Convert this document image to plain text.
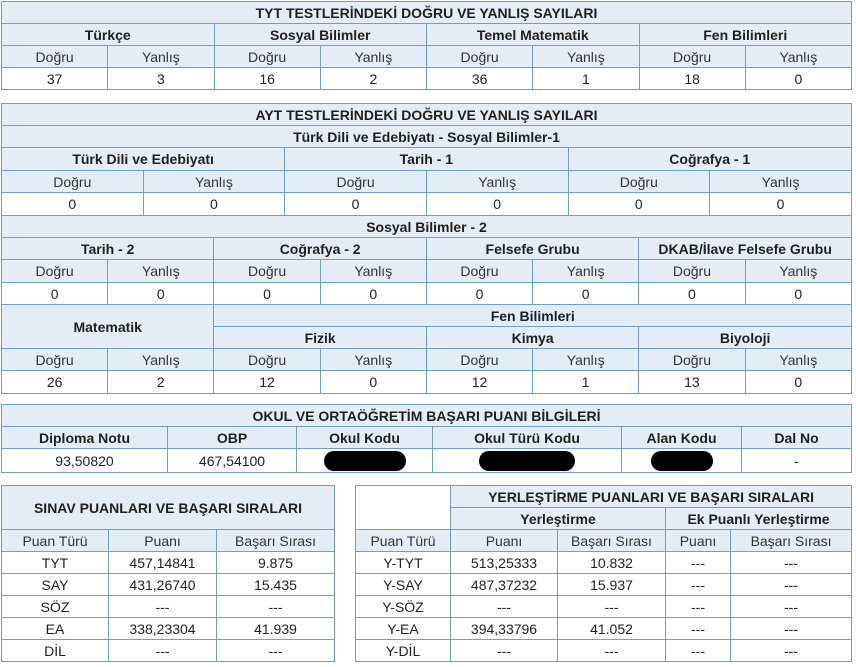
TYT TESTLERİNDEKİ DOĞRU VE YANLIŞ SAYILARI							
Türkçe		Sosyal Bilimler		Temel Matematik		Fen Bilimleri	
Doğru	Yanlış	Doğru	Yanlış	Doğru	Yanlış	Doğru	Yanlış
37	3	16	2	36	1	18	0
AYT TESTLERİNDEKİ DOĞRU VE YANLIŞ SAYILARI											
Türk Dili ve Edebiyatı - Sosyal Bilimler-1											
Türk Dili ve Edebiyatı				Tarih - 1				Coğrafya - 1			
Doğru		Yanlış		Doğru		Yanlış		Doğru		Yanlış	
0		0		0		0		0		0	
Sosyal Bilimler - 2											
Tarih - 2			Coğrafya - 2			Felsefe Grubu			DKAB/İlave Felsefe Grubu		
Doğru	Yanlış		Doğru		Yanlış	Doğru	Yanlış		Doğru		Yanlış
0	0		0		0	0	0		0		0
Matematik			Fen Bilimleri								
			Fizik			Kimya			Biyoloji		
Doğru	Yanlış		Doğru		Yanlış	Doğru	Yanlış		Doğru		Yanlış
26	2		12		0	12	1		13		0
OKUL VE ORTAÖĞRETİM BAŞARI PUANI BİLGİLERİ					
Diploma Notu	OBP	Okul Kodu	Okul Türü Kodu	Alan Kodu	Dal No
93,50820	467,54100				-
SINAV PUANLARI VE BAŞARI SIRALARI		
Puan Türü	Puanı	Başarı Sırası
TYT	457,14841	9.875
SAY	431,26740	15.435
SÖZ	---	---
EA	338,23304	41.939
DİL	---	---
	YERLEŞTİRME PUANLARI VE BAŞARI SIRALARI			
	Yerleştirme		Ek Puanlı Yerleştirme	
Puan Türü	Puanı	Başarı Sırası	Puanı	Başarı Sırası
Y-TYT	513,25333	10.832	---	---
Y-SAY	487,37232	15.937	---	---
Y-SÖZ	---	---	---	---
Y-EA	394,33796	41.052	---	---
Y-DİL	---	---	---	---
